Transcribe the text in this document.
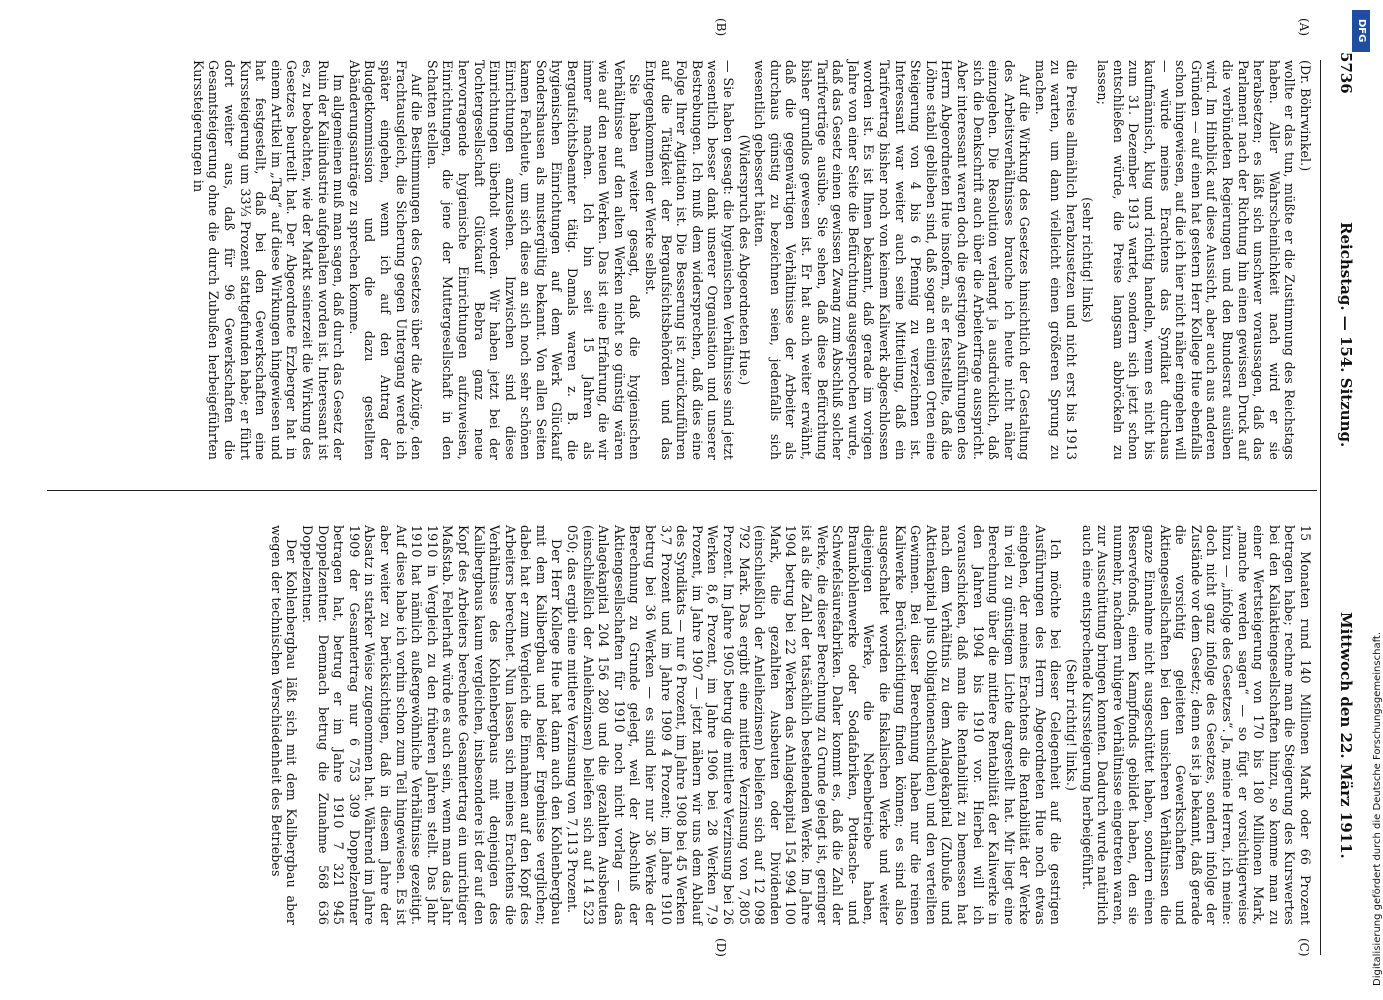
5736
Reichstag. — 154. Sitzung.
Mittwoch den 22. März 1911.
(A)
(B)
(C)
(D)

(Dr. Böhrwinkel.)

wollte er das tun, müßte er die Zustimmung des Reichstags haben. Aller Wahrscheinlichkeit nach wird er sie herabsetzen; es läßt sich unschwer voraussagen, daß das Parlament nach der Richtung hin einen gewissen Druck auf die verbündeten Regierungen und den Bundesrat ausüben wird. Im Hinblick auf diese Aussicht, aber auch aus anderen Gründen — auf einen hat gestern Herr Kollege Hue ebenfalls schon hingewiesen, auf die ich hier nicht näher eingehen will — würde meines Erachtens das Syndikat durchaus kaufmännisch, klug und richtig handeln, wenn es nicht bis zum 31. Dezember 1913 wartet, sondern sich jetzt schon entschließen würde, die Preise langsam abbröckeln zu lassen;

(sehr richtig! links)

die Preise allmählich herabzusetzen und nicht erst bis 1913 zu warten, um dann vielleicht einen größeren Sprung zu machen.

Auf die Wirkung des Gesetzes hinsichtlich der Gestaltung des Arbeitsverhältnisses brauche ich heute nicht näher einzugehen. Die Resolution verlangt ja ausdrücklich, daß sich die Denkschrift auch über die Arbeiterfrage ausspricht. Aber interessant waren doch die gestrigen Ausführungen des Herrn Abgeordneten Hue insofern, als er feststellte, daß die Löhne stabil geblieben sind, daß sogar an einigen Orten eine Steigerung von 4 bis 6 Pfennig zu verzeichnen ist. Interessant war weiter auch seine Mitteilung, daß ein Tarifvertrag bisher noch von keinem Kaliwerk abgeschlossen worden ist. Es ist Ihnen bekannt, daß gerade im vorigen Jahre von einer Seite die Befürchtung ausgesprochen wurde, daß das Gesetz einen gewissen Zwang zum Abschluß solcher Tarifverträge ausübe. Sie sehen, daß diese Befürchtung bisher grundlos gewesen ist. Er hat auch weiter erwähnt, daß die gegenwärtigen Verhältnisse der Arbeiter als durchaus günstig zu bezeichnen seien, jedenfalls sich wesentlich gebessert hätten.

(Widerspruch des Abgeordneten Hue.)

— Sie haben gesagt: die hygienischen Verhältnisse sind jetzt wesentlich besser dank unserer Organisation und unserer Bestrebungen. Ich muß dem widersprechen, daß dies eine Folge Ihrer Agitation ist. Die Besserung ist zurückzuführen auf die Tätigkeit der Bergaufsichtsbehörden und das Entgegenkommen der Werke selbst.

Sie haben weiter gesagt, daß die hygienischen Verhältnisse auf den alten Werken nicht so günstig wären wie auf den neuen Werken. Das ist eine Erfahrung, die wir immer machen. Ich bin seit 15 Jahren als Bergaufsichtsbeamter tätig. Damals waren z. B. die hygienischen Einrichtungen auf dem Werk Glückauf Sondershausen als mustergültig bekannt. Von allen Seiten kamen Fachleute, um sich diese an sich noch sehr schönen Einrichtungen anzusehen. Inzwischen sind diese Einrichtungen überholt worden. Wir haben jetzt bei der Tochtergesellschaft Glückauf Bebra ganz neue hervorragende hygienische Einrichtungen aufzuweisen, Einrichtungen, die jene der Muttergesellschaft in den Schatten stellen.

Auf die Bestimmungen des Gesetzes über die Abzüge, den Frachtausgleich, die Sicherung gegen Untergang werde ich später eingehen, wenn ich auf den Antrag der Budgetkommission und die dazu gestellten Abänderungsanträge zu sprechen komme.

Im allgemeinen muß man sagen, daß durch das Gesetz der Ruin der Kaliindustrie aufgehalten worden ist. Interessant ist es, zu beobachten, wie der Markt seinerzeit die Wirkung des Gesetzes beurteilt hat. Der Abgeordnete Erzberger hat in einem Artikel im „Tag“ auf diese Wirkungen hingewiesen und hat festgestellt, daß bei den Gewerkschaften eine Kurssteigerung um 33⅓ Prozent stattgefunden habe; er führt dort weiter aus, daß für 96 Gewerkschaften die Gesamtsteigerung ohne die durch Zubußen herbeigeführten Kurssteigerungen in

15 Monaten rund 140 Millionen Mark oder 66 Prozent betragen habe; rechne man die Steigerung des Kurswertes bei den Kaliaktiengesellschaften hinzu, so komme man zu einer Wertsteigerung von 170 bis 180 Millionen Mark, „manche werden sagen“ — so fügt er vorsichtigerweise hinzu — „infolge des Gesetzes“. Ja, meine Herren, ich meine: doch nicht ganz infolge des Gesetzes, sondern infolge der Zustände vor dem Gesetz; denn es ist ja bekannt, daß gerade die vorsichtig geleiteten Gewerkschaften und Aktiengesellschaften bei den unsicheren Verhältnissen die ganze Einnahme nicht ausgeschüttet haben, sondern einen Reservefonds, einen Kampffonds gebildet haben, den sie nunmehr, nachdem ruhigere Verhältnisse eingetreten waren, zur Ausschüttung bringen konnten. Dadurch wurde natürlich auch eine entsprechende Kurssteigerung herbeigeführt.

(Sehr richtig! links.)

Ich möchte bei dieser Gelegenheit auf die gestrigen Ausführungen des Herrn Abgeordneten Hue noch etwas eingehen, der meines Erachtens die Rentabilität der Werke in viel zu günstigem Lichte dargestellt hat. Mir liegt eine Berechnung über die mittlere Rentabilität der Kaliwerke in den Jahren 1904 bis 1910 vor. Hierbei will ich vorausschicken, daß man die Rentabilität zu bemessen hat nach dem Verhältnis zu dem Anlagekapital (Zubuße und Aktienkapital plus Obligationenschulden) und den verteilten Gewinnen. Bei dieser Berechnung haben nur die reinen Kaliwerke Berücksichtigung finden können; es sind also ausgeschaltet worden die fiskalischen Werke und weiter diejenigen Werke, die Nebenbetriebe haben, Braunkohlenwerke oder Sodafabriken, Pottasche- und Schwefelsäurefabriken. Daher kommt es, daß die Zahl der Werke, die dieser Berechnung zu Grunde gelegt ist, geringer ist als die Zahl der tatsächlich bestehenden Werke. Im Jahre 1904 betrug bei 22 Werken das Anlagekapital 154 994 100 Mark, die gezahlten Ausbeuten oder Dividenden (einschließlich der Anleihezinsen) beliefen sich auf 12 098 792 Mark. Das ergibt eine mittlere Verzinsung von 7,805 Prozent. Im Jahre 1905 betrug die mittlere Verzinsung bei 26 Werken 8,6 Prozent, im Jahre 1906 bei 28 Werken 7,9 Prozent, im Jahre 1907 — jetzt nähern wir uns dem Ablauf des Syndikats — nur 6 Prozent, im Jahre 1908 bei 45 Werken 3,7 Prozent und im Jahre 1909 4 Prozent; im Jahre 1910 betrug bei 36 Werken — es sind hier nur 36 Werke der Berechnung zu Grunde gelegt, weil der Abschluß der Aktiengesellschaften für 1910 noch nicht vorlag — das Anlagekapital 204 156 280 und die gezahlten Ausbeuten (einschließlich der Anleihezinsen) beliefen sich auf 14 523 050; das ergibt eine mittlere Verzinsung von 7,113 Prozent.

Der Herr Kollege Hue hat dann auch den Kohlenbergbau mit dem Kalibergbau und beider Ergebnisse verglichen; dabei hat er zum Vergleich die Einnahmen auf den Kopf des Arbeiters berechnet. Nun lassen sich meines Erachtens die Verhältnisse des Kohlenbergbaus mit denjenigen des Kalibergbaus kaum vergleichen, insbesondere ist der auf den Kopf des Arbeiters berechnete Gesamtertrag ein unrichtiger Maßstab. Fehlerhaft würde es auch sein, wenn man das Jahr 1910 in Vergleich zu den früheren Jahren stellt. Das Jahr 1910 hat nämlich außergewöhnliche Verhältnisse gezeitigt. Auf diese habe ich vorhin schon zum Teil hingewiesen. Es ist aber weiter zu berücksichtigen, daß in diesem Jahre der Absatz in starker Weise zugenommen hat. Während im Jahre 1909 der Gesamtertrag nur 6 753 309 Doppelzentner betragen hat, betrug er im Jahre 1910 7 321 945 Doppelzentner. Demnach betrug die Zunahme 568 636 Doppelzentner.

Der Kohlenbergbau läßt sich mit dem Kalibergbau aber wegen der technischen Verschiedenheit des Betriebes

DFG
Digitalisierung gefördert durch die Deutsche Forschungsgemeinschaft.
